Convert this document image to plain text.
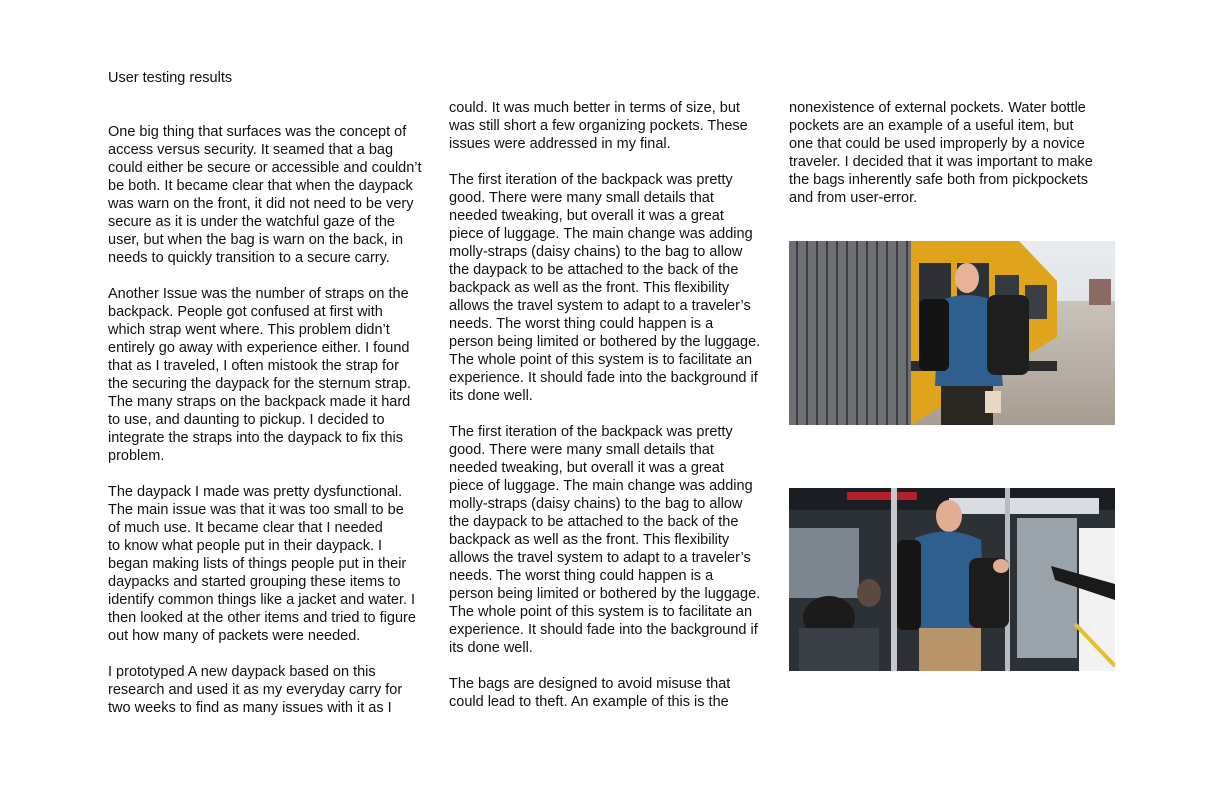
User testing results

One big thing that surfaces was the concept of
access versus security. It seamed that a bag
could either be secure or accessible and couldn’t
be both. It became clear that when the daypack
was warn on the front, it did not need to be very
secure as it is under the watchful gaze of the
user, but when the bag is warn on the back, in
needs to quickly transition to a secure carry.

Another Issue was the number of straps on the
backpack. People got confused at first with
which strap went where. This problem didn’t
entirely go away with experience either. I found
that as I traveled, I often mistook the strap for
the securing the daypack for the sternum strap.
The many straps on the backpack made it hard
to use, and daunting to pickup. I decided to
integrate the straps into the daypack to fix this
problem.

The daypack I made was pretty dysfunctional.
The main issue was that it was too small to be
of much use. It became clear that I needed
to know what people put in their daypack. I
began making lists of things people put in their
daypacks and started grouping these items to
identify common things like a jacket and water. I
then looked at the other items and tried to figure
out how many of packets were needed.

I prototyped A new daypack based on this
research and used it as my everyday carry for
two weeks to find as many issues with it as I

could. It was much better in terms of size, but
was still short a few organizing pockets. These
issues were addressed in my final.

The first iteration of the backpack was pretty
good. There were many small details that
needed tweaking, but overall it was a great
piece of luggage. The main change was adding
molly-straps (daisy chains) to the bag to allow
the daypack to be attached to the back of the
backpack as well as the front. This flexibility
allows the travel system to adapt to a traveler’s
needs. The worst thing could happen is a
person being limited or bothered by the luggage.
The whole point of this system is to facilitate an
experience. It should fade into the background if
its done well.

The first iteration of the backpack was pretty
good. There were many small details that
needed tweaking, but overall it was a great
piece of luggage. The main change was adding
molly-straps (daisy chains) to the bag to allow
the daypack to be attached to the back of the
backpack as well as the front. This flexibility
allows the travel system to adapt to a traveler’s
needs. The worst thing could happen is a
person being limited or bothered by the luggage.
The whole point of this system is to facilitate an
experience. It should fade into the background if
its done well.

The bags are designed to avoid misuse that
could lead to theft. An example of this is the

nonexistence of external pockets. Water bottle
pockets are an example of a useful item, but
one that could be used improperly by a novice
traveler. I decided that it was important to make
the bags inherently safe both from pickpockets
and from user-error.
